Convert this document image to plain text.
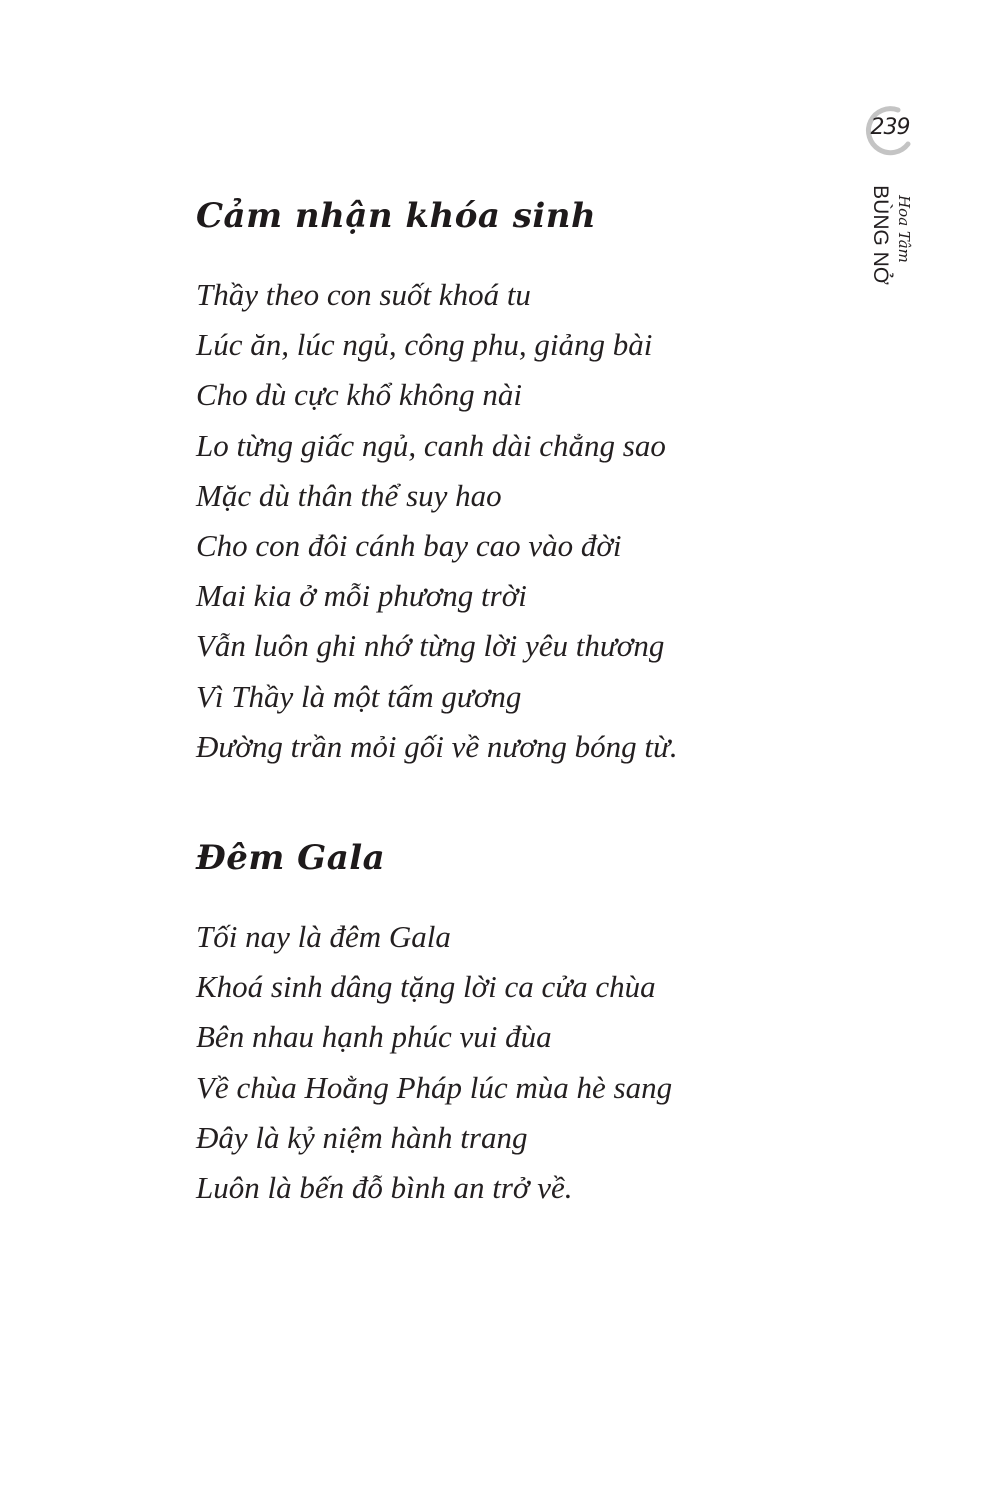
239
BÙNG NỞ Hoa Tâm
Cảm nhận khóa sinh
Thầy theo con suốt khoá tu
Lúc ăn, lúc ngủ, công phu, giảng bài
Cho dù cực khổ không nài
Lo từng giấc ngủ, canh dài chẳng sao
Mặc dù thân thể suy hao
Cho con đôi cánh bay cao vào đời
Mai kia ở mỗi phương trời
Vẫn luôn ghi nhớ từng lời yêu thương
Vì Thầy là một tấm gương
Đường trần mỏi gối về nương bóng từ.
Đêm Gala
Tối nay là đêm Gala
Khoá sinh dâng tặng lời ca cửa chùa
Bên nhau hạnh phúc vui đùa
Về chùa Hoằng Pháp lúc mùa hè sang
Đây là kỷ niệm hành trang
Luôn là bến đỗ bình an trở về.
